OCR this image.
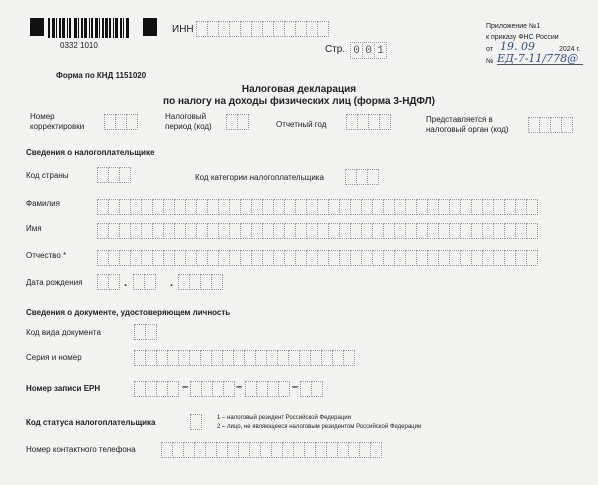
0332 1010
ИНН
Стр. 0 0 1
Приложение №1
к приказу ФНС России
от 19. 09	2024 г.
№ ЕД-7-11/778@
Форма по КНД 1151020
Налоговая декларация
по налогу на доходы физических лиц (форма 3-НДФЛ)
Номер
корректировки
Налоговый
период (код)	Отчетный год
Представляется в
налоговый орган (код)
Сведения о налогоплательщике
Код страны	Код категории налогоплательщика
Фамилия
Имя
Отчество *
Дата рождения	.	.
Сведения о документе, удостоверяющем личность
Код вида документа
Серия и номер
Номер записи ЕРН	–	–	–
Код статуса налогоплательщика	1 – налоговый резидент Российской Федерации
2 – лицо, не являющееся налоговым резидентом Российской Федерации
Номер контактного телефона
